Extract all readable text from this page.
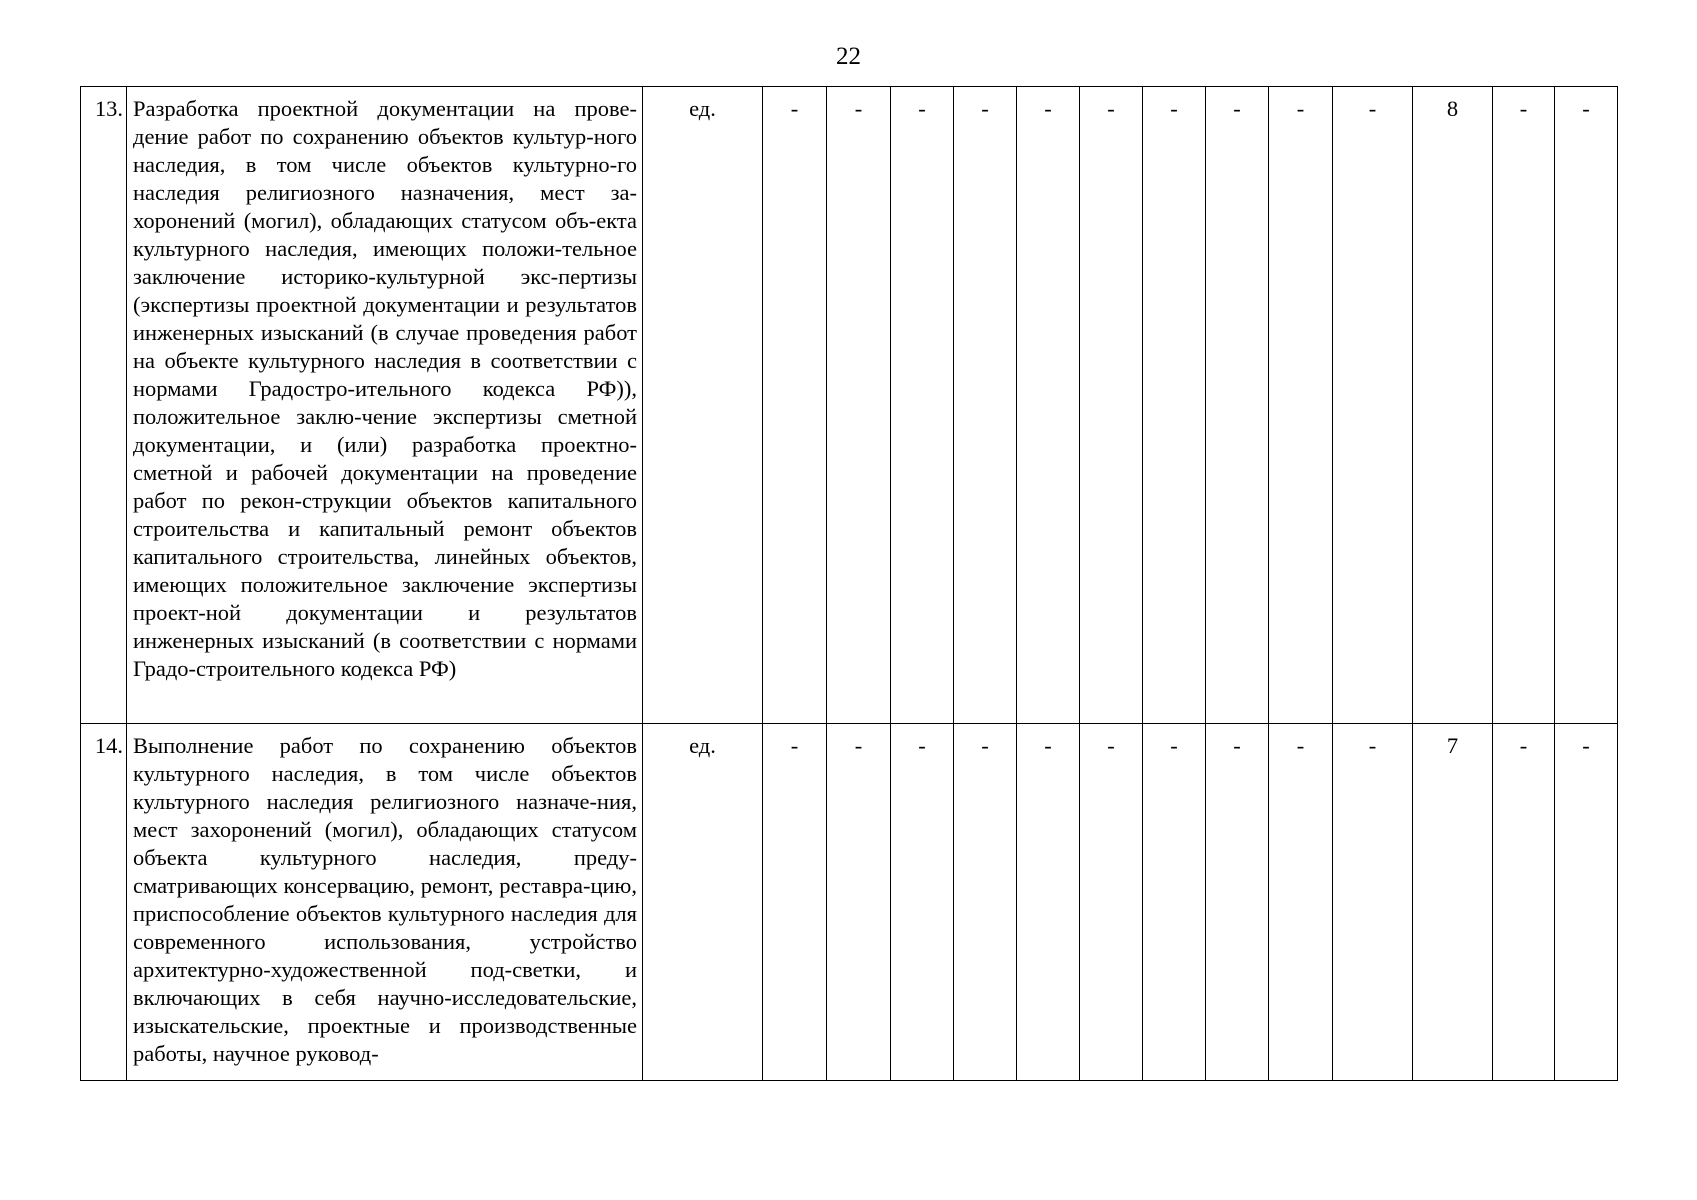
22
13.	Разработка проектной документации на прове-дение работ по сохранению объектов культур-ного наследия, в том числе объектов культурно-го наследия религиозного назначения, мест за-хоронений (могил), обладающих статусом объ-екта культурного наследия, имеющих положи-тельное заключение историко-культурной экс-пертизы (экспертизы проектной документации и результатов инженерных изысканий (в случае проведения работ на объекте культурного наследия в соответствии с нормами Градостро-ительного кодекса РФ)), положительное заклю-чение экспертизы сметной документации, и (или) разработка проектно-сметной и рабочей документации на проведение работ по рекон-струкции объектов капитального строительства и капитальный ремонт объектов капитального строительства, линейных объектов, имеющих положительное заключение экспертизы проект-ной документации и результатов инженерных изысканий (в соответствии с нормами Градо-строительного кодекса РФ)	ед.	-	-	-	-	-	-	-	-	-	-	8	-	-
14.	Выполнение работ по сохранению объектов культурного наследия, в том числе объектов культурного наследия религиозного назначе-ния, мест захоронений (могил), обладающих статусом объекта культурного наследия, преду-сматривающих консервацию, ремонт, реставра-цию, приспособление объектов культурного наследия для современного использования, устройство архитектурно-художественной под-светки, и включающих в себя научно-исследовательские, изыскательские, проектные и производственные работы, научное руковод-	ед.	-	-	-	-	-	-	-	-	-	-	7	-	-
